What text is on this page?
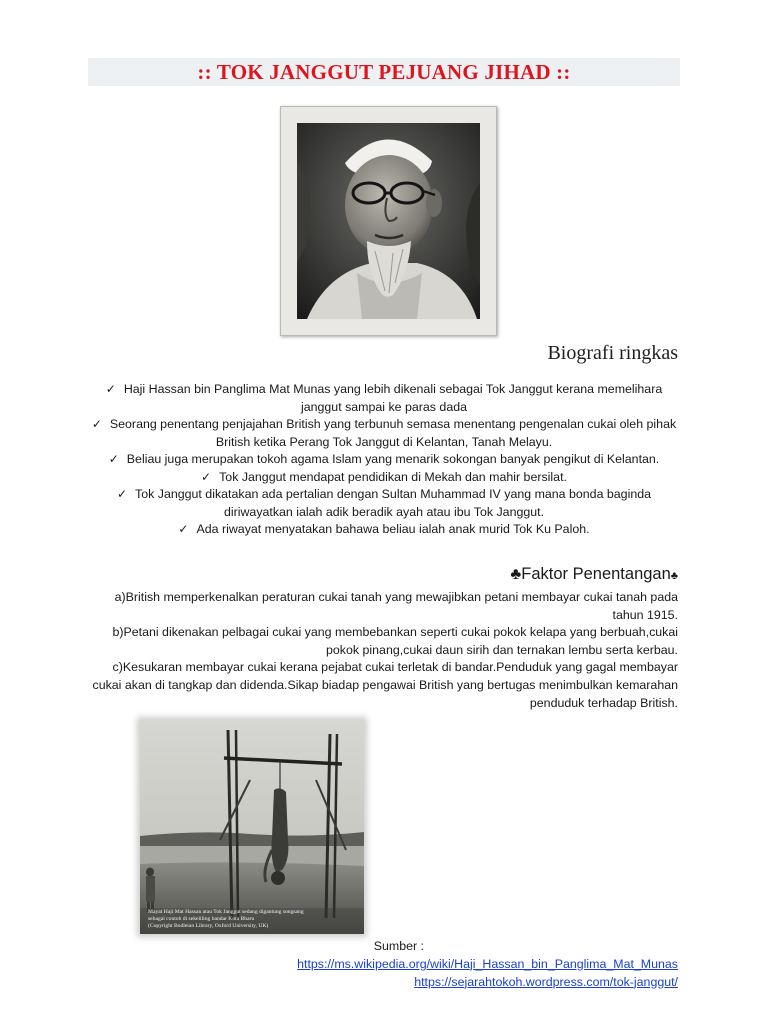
:: TOK JANGGUT PEJUANG JIHAD ::
Biografi ringkas

✓ Haji Hassan bin Panglima Mat Munas yang lebih dikenali sebagai Tok Janggut kerana memelihara janggut sampai ke paras dada

✓ Seorang penentang penjajahan British yang terbunuh semasa menentang pengenalan cukai oleh pihak British ketika Perang Tok Janggut di Kelantan, Tanah Melayu.

✓ Beliau juga merupakan tokoh agama Islam yang menarik sokongan banyak pengikut di Kelantan.

✓ Tok Janggut mendapat pendidikan di Mekah dan mahir bersilat.

✓ Tok Janggut dikatakan ada pertalian dengan Sultan Muhammad IV yang mana bonda baginda diriwayatkan ialah adik beradik ayah atau ibu Tok Janggut.

✓ Ada riwayat menyatakan bahawa beliau ialah anak murid Tok Ku Paloh.

♣Faktor Penentangan♣

a)British memperkenalkan peraturan cukai tanah yang mewajibkan petani membayar cukai tanah pada tahun 1915.

b)Petani dikenakan pelbagai cukai yang membebankan seperti cukai pokok kelapa yang berbuah,cukai pokok pinang,cukai daun sirih dan ternakan lembu serta kerbau.

c)Kesukaran membayar cukai kerana pejabat cukai terletak di bandar.Penduduk yang gagal membayar cukai akan di tangkap dan didenda.Sikap biadap pengawai British yang bertugas menimbulkan kemarahan penduduk terhadap British.

Mayat Haji Mat Hassan atau Tok Janggut sedang digantung songsang
sebagai contoh di sekeliling bandar Kota Bharu
(Copyright Bodleian Library, Oxford University, UK)
Sumber :
https://ms.wikipedia.org/wiki/Haji_Hassan_bin_Panglima_Mat_Munas
https://sejarahtokoh.wordpress.com/tok-janggut/
